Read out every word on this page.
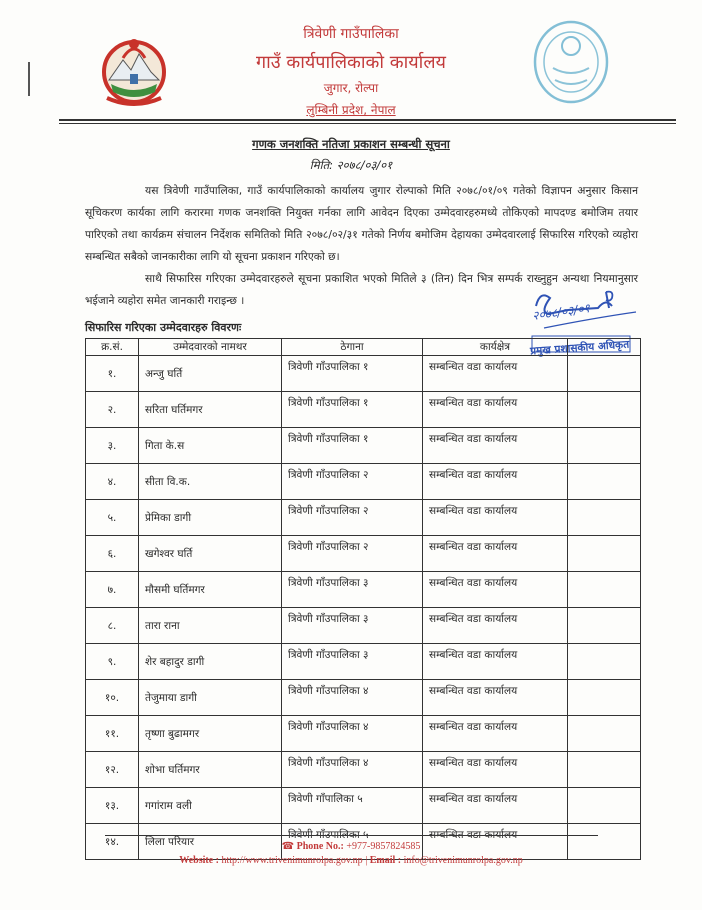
त्रिवेणी गाउँपालिका
गाउँ कार्यपालिकाको कार्यालय
जुगार, रोल्पा
लुम्बिनी प्रदेश, नेपाल
गणक जनशक्ति नतिजा प्रकाशन सम्बन्धी सूचना
मिति: २०७८/०३/०१

यस त्रिवेणी गाउँपालिका, गाउँ कार्यपालिकाको कार्यालय जुगार रोल्पाको मिति २०७८/०१/०९ गतेको विज्ञापन अनुसार किसान सूचिकरण कार्यका लागि करारमा गणक जनशक्ति नियुक्त गर्नका लागि आवेदन दिएका उम्मेदवारहरुमध्ये तोकिएको मापदण्ड बमोजिम तयार पारिएको तथा कार्यक्रम संचालन निर्देशक समितिको मिति २०७८/०२/३१ गतेको निर्णय बमोजिम देहायका उम्मेदवारलाई सिफारिस गरिएको व्यहोरा सम्बन्धित सबैको जानकारीका लागि यो सूचना प्रकाशन गरिएको छ।

साथै सिफारिस गरिएका उम्मेदवारहरुले सूचना प्रकाशित भएको मितिले ३ (तिन) दिन भित्र सम्पर्क राख्नुहुन अन्यथा नियमानुसार भईजाने व्यहोरा समेत जानकारी गराइन्छ ।

२०७८/०३/०१
प्रमुख प्रशासकीय अधिकृत
सिफारिस गरिएका उम्मेदवारहरु विवरणः
क्र.सं.	उम्मेदवारको नामथर	ठेगाना	कार्यक्षेत्र	
१.	अन्जु घर्ति	त्रिवेणी गाँउपालिका १	सम्बन्धित वडा कार्यालय	
२.	सरिता घर्तिमगर	त्रिवेणी गाँउपालिका १	सम्बन्धित वडा कार्यालय	
३.	गिता के.स	त्रिवेणी गाँउपालिका १	सम्बन्धित वडा कार्यालय	
४.	सीता वि.क.	त्रिवेणी गाँउपालिका २	सम्बन्धित वडा कार्यालय	
५.	प्रेमिका डागी	त्रिवेणी गाँउपालिका २	सम्बन्धित वडा कार्यालय	
६.	खगेश्वर घर्ति	त्रिवेणी गाँउपालिका २	सम्बन्धित वडा कार्यालय	
७.	मौसमी घर्तिमगर	त्रिवेणी गाँउपालिका ३	सम्बन्धित वडा कार्यालय	
८.	तारा राना	त्रिवेणी गाँउपालिका ३	सम्बन्धित वडा कार्यालय	
९.	शेर बहादुर डागी	त्रिवेणी गाँउपालिका ३	सम्बन्धित वडा कार्यालय	
१०.	तेजुमाया डागी	त्रिवेणी गाँउपालिका ४	सम्बन्धित वडा कार्यालय	
११.	तृष्णा बुढामगर	त्रिवेणी गाँउपालिका ४	सम्बन्धित वडा कार्यालय	
१२.	शोभा घर्तिमगर	त्रिवेणी गाँउपालिका ४	सम्बन्धित वडा कार्यालय	
१३.	गगांराम वली	त्रिवेणी गाँपालिका ५	सम्बन्धित वडा कार्यालय	
१४.	लिला परियार	त्रिवेणी गाँउपालिका ५	सम्बन्धित वडा कार्यालय	
☎ Phone No.: +977-9857824585
Website : http://www.trivenimunrolpa.gov.np | Email : info@trivenimunrolpa.gov.np
